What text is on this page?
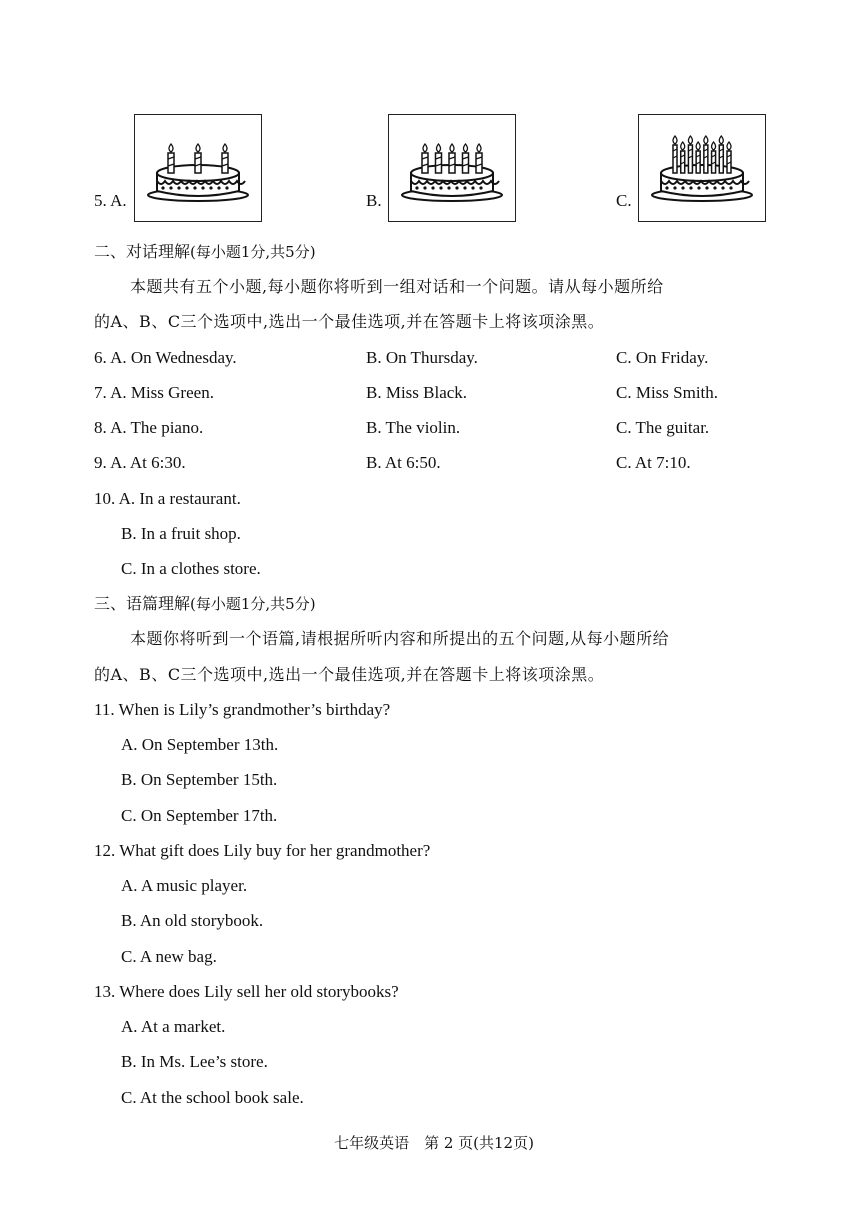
5. A.	B.	C.
二、对话理解(每小题1分,共5分)
本题共有五个小题,每小题你将听到一组对话和一个问题。请从每小题所给
的A、B、C三个选项中,选出一个最佳选项,并在答题卡上将该项涂黑。
6. A. On Wednesday.	B. On Thursday.	C. On Friday.
7. A. Miss Green.	B. Miss Black.	C. Miss Smith.
8. A. The piano.	B. The violin.	C. The guitar.
9. A. At 6:30.	B. At 6:50.	C. At 7:10.
10. A. In a restaurant.
B. In a fruit shop.
C. In a clothes store.
三、语篇理解(每小题1分,共5分)
本题你将听到一个语篇,请根据所听内容和所提出的五个问题,从每小题所给
的A、B、C三个选项中,选出一个最佳选项,并在答题卡上将该项涂黑。
11. When is Lily’s grandmother’s birthday?
A. On September 13th.
B. On September 15th.
C. On September 17th.
12. What gift does Lily buy for her grandmother?
A. A music player.
B. An old storybook.
C. A new bag.
13. Where does Lily sell her old storybooks?
A. At a market.
B. In Ms. Lee’s store.
C. At the school book sale.
七年级英语　第 2 页(共12页)
